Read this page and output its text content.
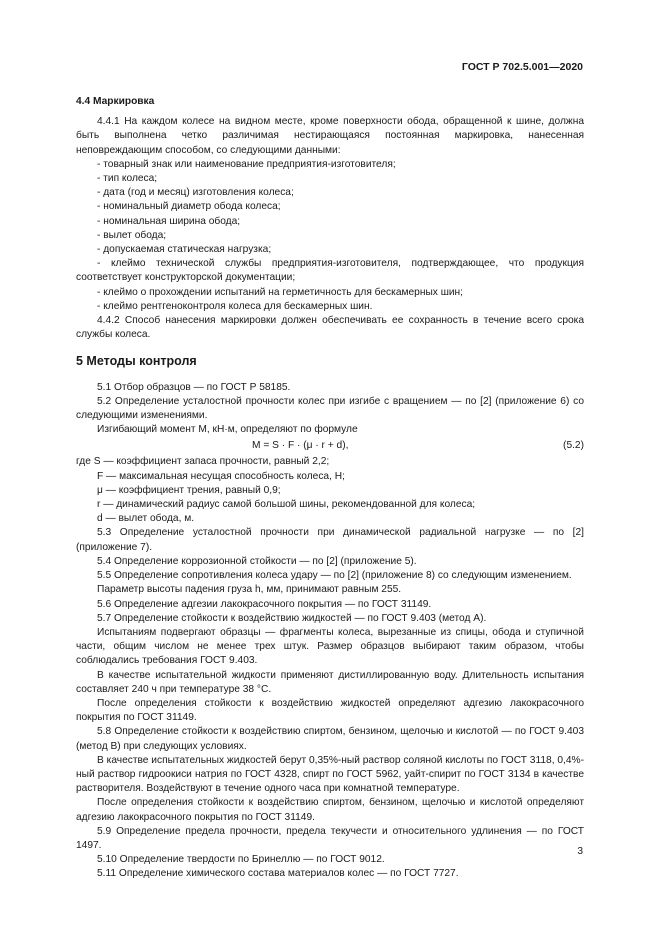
ГОСТ Р 702.5.001—2020
4.4 Маркировка

4.4.1 На каждом колесе на видном месте, кроме поверхности обода, обращенной к шине, должна быть выполнена четко различимая нестирающаяся постоянная маркировка, нанесенная неповреждающим способом, со следующими данными:

- товарный знак или наименование предприятия-изготовителя;

- тип колеса;

- дата (год и месяц) изготовления колеса;

- номинальный диаметр обода колеса;

- номинальная ширина обода;

- вылет обода;

- допускаемая статическая нагрузка;

- клеймо технической службы предприятия-изготовителя, подтверждающее, что продукция соответствует конструкторской документации;

- клеймо о прохождении испытаний на герметичность для бескамерных шин;

- клеймо рентгеноконтроля колеса для бескамерных шин.

4.4.2 Способ нанесения маркировки должен обеспечивать ее сохранность в течение всего срока службы колеса.

5 Методы контроля

5.1 Отбор образцов — по ГОСТ Р 58185.

5.2 Определение усталостной прочности колес при изгибе с вращением — по [2] (приложение 6) со следующими изменениями.

Изгибающий момент M, кН·м, определяют по формуле

M = S · F · (μ · r + d),	(5.2)

где S — коэффициент запаса прочности, равный 2,2;

F — максимальная несущая способность колеса, Н;

μ — коэффициент трения, равный 0,9;

r — динамический радиус самой большой шины, рекомендованной для колеса;

d — вылет обода, м.

5.3 Определение усталостной прочности при динамической радиальной нагрузке — по [2] (приложение 7).

5.4 Определение коррозионной стойкости — по [2] (приложение 5).

5.5 Определение сопротивления колеса удару — по [2] (приложение 8) со следующим изменением.

Параметр высоты падения груза h, мм, принимают равным 255.

5.6 Определение адгезии лакокрасочного покрытия — по ГОСТ 31149.

5.7 Определение стойкости к воздействию жидкостей — по ГОСТ 9.403 (метод А).

Испытаниям подвергают образцы — фрагменты колеса, вырезанные из спицы, обода и ступичной части, общим числом не менее трех штук. Размер образцов выбирают таким образом, чтобы соблюдались требования ГОСТ 9.403.

В качестве испытательной жидкости применяют дистиллированную воду. Длительность испытания составляет 240 ч при температуре 38 °С.

После определения стойкости к воздействию жидкостей определяют адгезию лакокрасочного покрытия по ГОСТ 31149.

5.8 Определение стойкости к воздействию спиртом, бензином, щелочью и кислотой — по ГОСТ 9.403 (метод В) при следующих условиях.

В качестве испытательных жидкостей берут 0,35%-ный раствор соляной кислоты по ГОСТ 3118, 0,4%-ный раствор гидроокиси натрия по ГОСТ 4328, спирт по ГОСТ 5962, уайт-спирит по ГОСТ 3134 в качестве растворителя. Воздействуют в течение одного часа при комнатной температуре.

После определения стойкости к воздействию спиртом, бензином, щелочью и кислотой определяют адгезию лакокрасочного покрытия по ГОСТ 31149.

5.9 Определение предела прочности, предела текучести и относительного удлинения — по ГОСТ 1497.

5.10 Определение твердости по Бринеллю — по ГОСТ 9012.

5.11 Определение химического состава материалов колес — по ГОСТ 7727.

3
